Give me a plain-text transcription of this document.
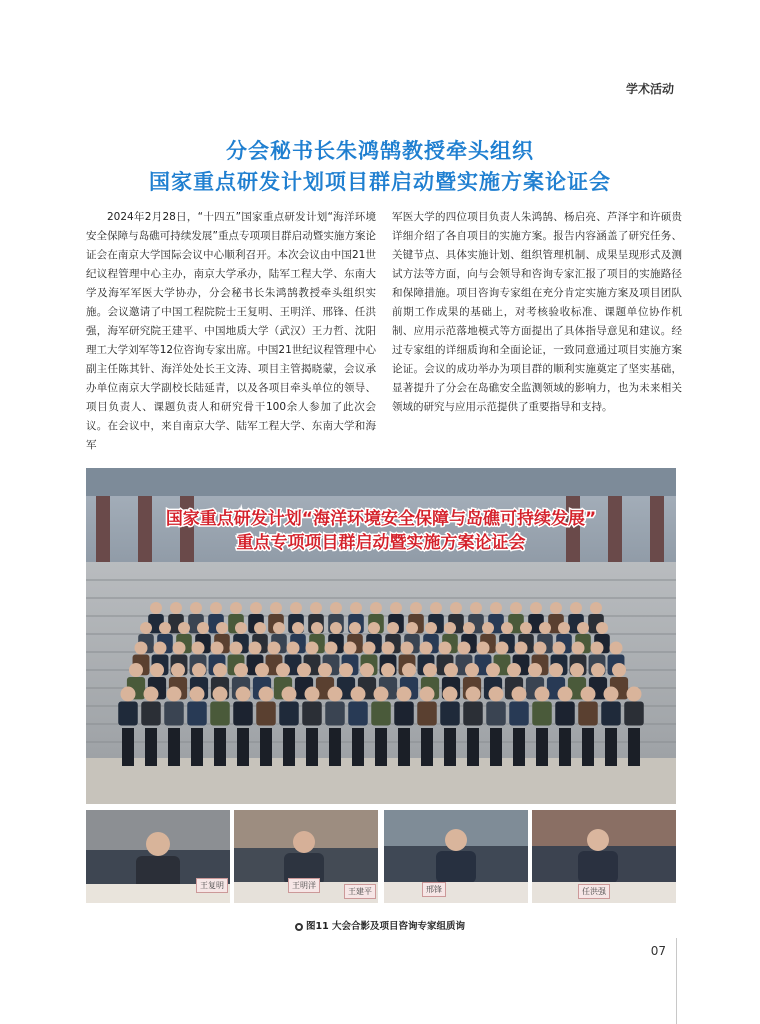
学术活动
分会秘书长朱鸿鹄教授牵头组织
国家重点研发计划项目群启动暨实施方案论证会
2024年2月28日，“十四五”国家重点研发计划“海洋环境安全保障与岛礁可持续发展”重点专项项目群启动暨实施方案论证会在南京大学国际会议中心顺利召开。本次会议由中国21世纪议程管理中心主办，南京大学承办，陆军工程大学、东南大学及海军军医大学协办，分会秘书长朱鸿鹄教授牵头组织实施。会议邀请了中国工程院院士王复明、王明洋、邢锋、任洪强，海军研究院王建平、中国地质大学（武汉）王力哲、沈阳理工大学刘军等12位咨询专家出席。中国21世纪议程管理中心副主任陈其针、海洋处处长王文涛、项目主管揭晓蒙，会议承办单位南京大学副校长陆延青，以及各项目牵头单位的领导、项目负责人、课题负责人和研究骨干100余人参加了此次会议。在会议中，来自南京大学、陆军工程大学、东南大学和海军
军医大学的四位项目负责人朱鸿鹄、杨启亮、芦泽宇和许硕贵详细介绍了各自项目的实施方案。报告内容涵盖了研究任务、关键节点、具体实施计划、组织管理机制、成果呈现形式及测试方法等方面，向与会领导和咨询专家汇报了项目的实施路径和保障措施。项目咨询专家组在充分肯定实施方案及项目团队前期工作成果的基础上，对考核验收标准、课题单位协作机制、应用示范落地模式等方面提出了具体指导意见和建议。经过专家组的详细质询和全面论证，一致同意通过项目实施方案论证。会议的成功举办为项目群的顺利实施奠定了坚实基础，显著提升了分会在岛礁安全监测领域的影响力，也为未来相关领域的研究与应用示范提供了重要指导和支持。
国家重点研发计划“海洋环境安全保障与岛礁可持续发展”
重点专项项目群启动暨实施方案论证会
王复明	王明洋
王建平	邢锋	任洪强
图11 大会合影及项目咨询专家组质询
07
